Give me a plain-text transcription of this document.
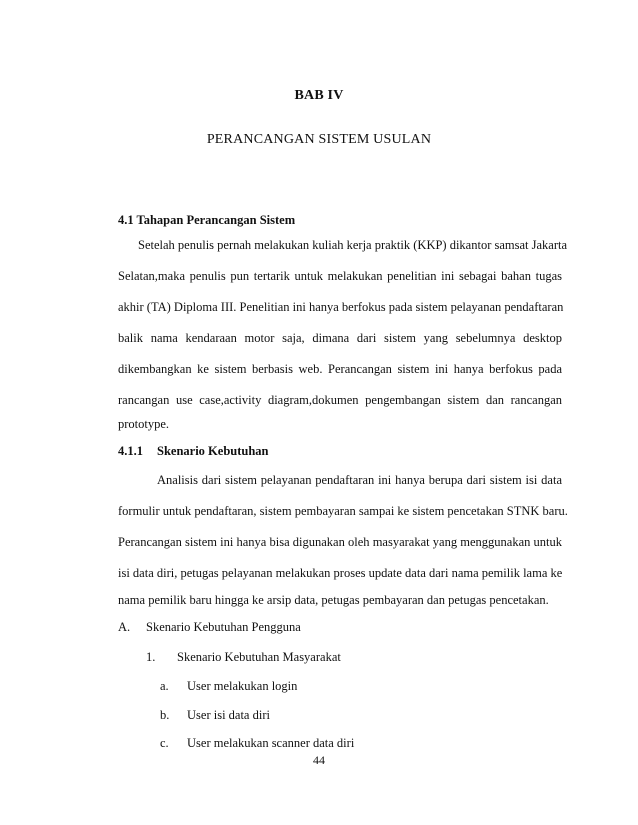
BAB IV
PERANCANGAN SISTEM USULAN
4.1 Tahapan Perancangan Sistem
Setelah penulis pernah melakukan kuliah kerja praktik (KKP) dikantor samsat Jakarta
Selatan,maka penulis pun tertarik untuk melakukan penelitian ini sebagai bahan tugas
akhir (TA) Diploma III. Penelitian ini hanya berfokus pada sistem pelayanan pendaftaran
balik nama kendaraan motor saja, dimana dari sistem yang sebelumnya desktop
dikembangkan ke sistem berbasis web. Perancangan sistem ini hanya berfokus pada
rancangan use case,activity diagram,dokumen pengembangan sistem dan rancangan
prototype.
4.1.1 Skenario Kebutuhan
Analisis dari sistem pelayanan pendaftaran ini hanya berupa dari sistem isi data
formulir untuk pendaftaran, sistem pembayaran sampai ke sistem pencetakan STNK baru.
Perancangan sistem ini hanya bisa digunakan oleh masyarakat yang menggunakan untuk
isi data diri, petugas pelayanan melakukan proses update data dari nama pemilik lama ke
nama pemilik baru hingga ke arsip data, petugas pembayaran dan petugas pencetakan.
A. Skenario Kebutuhan Pengguna
1. Skenario Kebutuhan Masyarakat
a. User melakukan login
b. User isi data diri
c. User melakukan scanner data diri
44
